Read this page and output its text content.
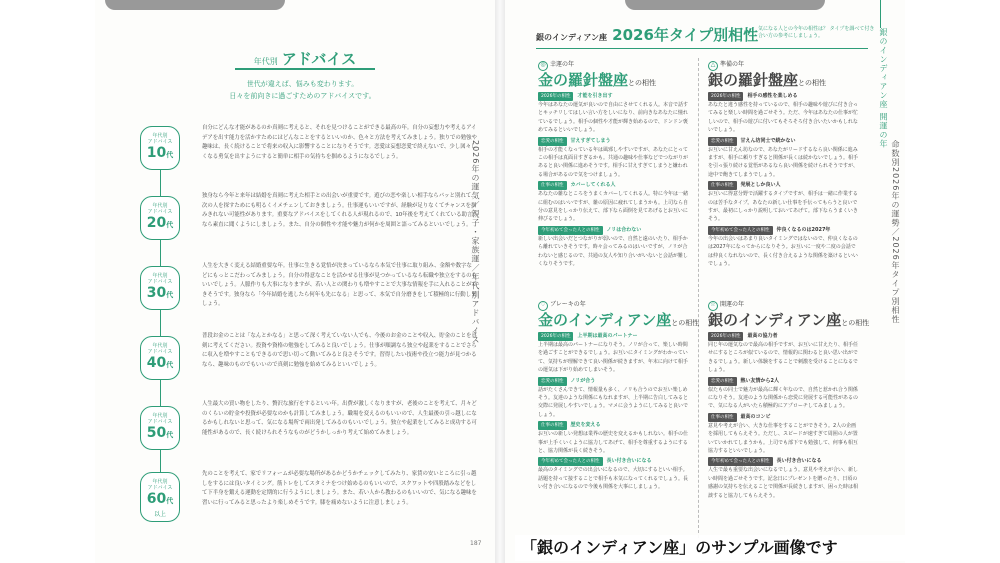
年代別 アドバイス
世代が違えば、悩みも変わります。
日々を前向きに過ごすためのアドバイスです。
年代別
アドバイス
10代
年代別
アドバイス
20代
年代別
アドバイス
30代
年代別
アドバイス
40代
年代別
アドバイス
50代
年代別
アドバイス
60代
以上
自分にどんな才能があるのか真剣に考えると、それを見つけることができる最高の年。自分の妄想力や考えるアイデアを出す能力を活かすためにはどんなことをするといいのか、色々と方法を考えてみましょう。独りでの勉強や趣味は、長く続けることで将来の収入に影響することになりそうです。恋愛は妄想恋愛で終えないで、少し図々しくなる勇気を出すようにすると簡単に相手の気持ちを掴めるようになるでしょう。
独身なら今年と来年は結婚を真剣に考えた相手との出会いが重要です。遊びの恋や楽しい相手ならパッと別れて、次の人を探すためにも明るくイメチェンしておきましょう。仕事運もいいですが、経験が足りなくてチャンスを掴みきれない可能性があります。重要なアドバイスをしてくれる人が現れるので、10年後を考えてくれている助言なら素直に聞くようにしましょう。また、自分の個性や才能や魅力が何かを周囲と語ってみるといいでしょう。
人生を大きく変える結婚重要な年。仕事に生きる覚悟が決まっているなら本気で仕事に取り組み、金額や数字などにもっとこだわってみましょう。自分の得意なことを活かせる仕事が見つかっているなら転職や独立をするのもいいでしょう。人脈作りも大事になりますが、若い人との関わりも増やすことで大事な情報を手に入れることができそうです。独身なら「今年結婚を逃したら何年も先になる」と思って、本気で自分磨きをして積極的に行動しましょう。
普段お金のことは「なんとかなる」と思って深く考えていない人でも、今後のお金のことや収入、貯金のことを真剣に考えてください。投資や資格の勉強をしてみると良いでしょう。仕事が順調なら独立や起業をすることでさらに収入を増やすこともできるので思い切って動いてみると良さそうです。習得したい技術や役立つ能力が見つかるなら、趣味のものでもいいので真剣に勉強を始めてみるといいでしょう。
人生最大の買い物をしたり、贅沢な旅行をするといい年。出費が激しくなりますが、老後のことを考えて、月々どのくらいの貯金や投資が必要なのかも計算してみましょう。職場を変えるのもいいので、人生最後の引っ越しになるかもしれないと思って、気になる場所で両出発してみるのもいいでしょう。独立や起業をしてみると成功する可能性があるので、長く続けられそうなものがどうかしっかり考えて始めてみましょう。
先のことを考えて、家でリフォームが必要な場所があるかどうかチェックしてみたり、家賃の安いところに引っ越しをするには良いタイミング。筋トレをしてスタミナをつけ始めるのもいいので、スクワットや四股踏みなどをして下半身を鍛える運動を定期的に行うようにしましょう。また、若い人から教わるのもいいので、気になる趣味を習いに行ってみると思ったより楽しめそうです。膝を痛めないように注意しましょう。
2026年の運気／親子・家族運／年代別アドバイス
187
銀のインディアン座 2026年タイプ別相性 気になる人との今年の相性は？ タイプを調べて付き合い方の参考にしましょう。
◎ 幸運の年
金の羅針盤座との相性
2026年の相性 才能を引き出す
今年はあなたの運気が良いので自由にさせてくれる人。本音で話すとキッチリしてはしい言い方をしいになり、前向きなあなたに憧れているでしょう。相手の個性や才能が輝き始めるので、ドンドン褒めてみるといいでしょう。
恋愛の相性 甘えすぎてしまう
相手の才能くなっている年は風邪しやすいですが、あなたにとってこの相手は真面目すぎるかも。共通の趣味や仕事などでつながりがあると良い関係に進めそうです。相手に甘えすぎてしまうと嫌われる場合があるので気をつけましょう。
仕事の相性 カバーしてくれる人
あなたの雑なところをうまくカバーしてくれる人。特に今年は一緒に組むのはいいですが、雑の原因に疲れてしまうかも。上司なら自分の意見をしっかり伝えて、部下なら面倒を見てあげるとお互いに伸びるでしょう。
今年初めて会った人との相性 ノリは合わない
新しい出会いだとつながりが弱いので、自然と遠のいたり、相手から離れていきそうです。時々会ってみるのはいいですが、ノリが合わないと感じるので、共通の友人や知り合いがいないと会話が難しくなりそうです。
△ 準備の年
銀の羅針盤座との相性
2026年の相性 相手の感性を楽しめる
あなたと違う感性を持っているので、相手の趣味や遊びに付き合ってみると楽しい時間を過ごせそう。ただ、今年はあなたの仕事が忙しいので、相手の遊びに付いてもそろそろ付き合いたいかもしれないでしょう。
恋愛の相性 甘えん坊同士で続かない
お互いに甘えん坊なので、あなたがリードするなら良い関係に進みますが、相手に頼りすぎると関係が長くは続かないでしょう。相手を引っ張り続ける覚悟があるなら良い関係を続けられそうですが、途中で飽きてしまうでしょう。
仕事の相性 発展としか良い人
お互いに得意分野で活躍するタイプですが、相手は一緒に作業するのは苦手なタイプ。あなたの新しい仕事を手伝ってもらうと良いですが、最初にしっかり説明しておいてあげて。部下ならうまくいきそう。
今年初めて会った人との相性 仲良くなるのは2027年
今年の出会いはあまり良いタイミングではないので、仲良くなるのは2027年になってからになりそう。お互いに一度や二度の会話では仲良くなれないので、長く付き合えるような関係を築けるといいでしょう。
♡ ブレーキの年
金のインディアン座との相性
2026年の相性 上半期は最高のパートナー
上半期は最高のパートナーになりそう。ノリが合って、楽しい時間を過ごすことができるでしょう。お互いにタイミングがわかっていて、気持ちが理解できて良い関係が続きますが、年末に向けて相手の運気は下がり始めてしまいそう。
恋愛の相性 ノリが合う
話がたくさんできて、情報量も多く、ノリも合うのでお互い楽しめそう。友達のような関係にもなれますが、上半期に告白してみると交際に発展しやすいでしょう。マメに会うようにしてみると良いでしょう。
仕事の相性 歴史を変える
お互いの新しい発想は業界の歴史を変えるかもしれない。相手の仕事が上手くいくように協力してあげて、相手を尊重するようにすると、協力関係が長く続きそう。
今年初めて会った人との相性 長い付き合いになる
最高のタイミングでの出会いになるので、大切にするといい相手。話題を持って接することで相手も本気になってくれるでしょう。長い付き合いになるので今後も関係を大事にしましょう。
☆ 開運の年
銀のインディアン座との相性
2026年の相性 最高の協力者
同じ年の運気なので最高の相手ですが、お互いに甘えたり、相手任せにするところが似ているので、情報的に関わると良い思い出ができるでしょう。新しい体験をすることで刺激を受けることになるでしょう。
恋愛の相性 熱い友情から2人
似たもの同士で魅力が最高に輝く年なので、自然と惹かれ合う関係になりそう。友達のような関係から恋愛に発展する可能性があるので、気になる人がいたら積極的にアプローチしてみましょう。
仕事の相性 最高のコンビ
意見や考えが合い、大きな仕事をすることができそう。2人の企画を採用してもらえそう。ただし、スピードが速すぎて周囲の人が置いていかれてしまうかも。上司でも部下でも勉強して、何事も相互協力するといいでしょう。
今年初めて会った人との相性 長い付き合いになる
人生で最も重要な出会いになるでしょう。意見や考えが合い、新しい時間を過ごせそうです。記念日にプレゼントを贈ったり、日頃の感謝の気持ちを伝えることで関係が長続きしますが、困った時は相談すると協力してもらえそう。
銀のインディアン座 開運の年
命数別2026年の運勢／2026年タイプ別相性
「銀のインディアン座」のサンプル画像です
